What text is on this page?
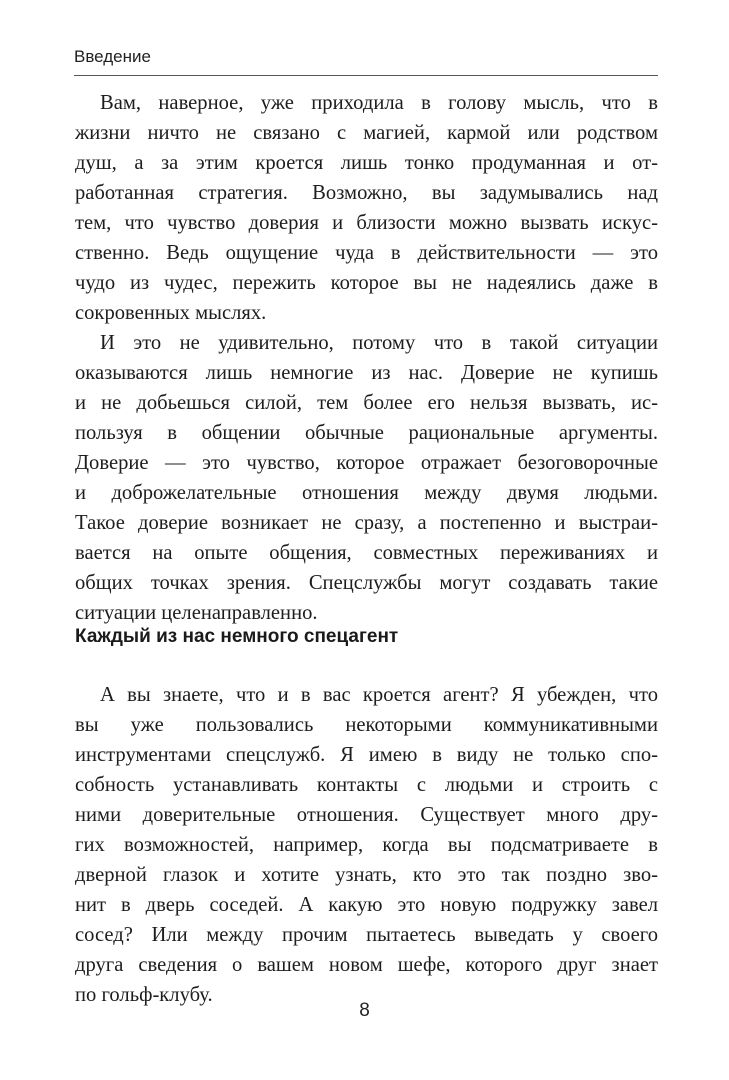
Введение
Вам, наверное, уже приходила в голову мысль, что в
жизни ничто не связано с магией, кармой или родством
душ, а за этим кроется лишь тонко продуманная и от-
работанная стратегия. Возможно, вы задумывались над
тем, что чувство доверия и близости можно вызвать искус-
ственно. Ведь ощущение чуда в действительности — это
чудо из чудес, пережить которое вы не надеялись даже в
сокровенных мыслях.
И это не удивительно, потому что в такой ситуации
оказываются лишь немногие из нас. Доверие не купишь
и не добьешься силой, тем более его нельзя вызвать, ис-
пользуя в общении обычные рациональные аргументы.
Доверие — это чувство, которое отражает безоговорочные
и доброжелательные отношения между двумя людьми.
Такое доверие возникает не сразу, а постепенно и выстраи-
вается на опыте общения, совместных переживаниях и
общих точках зрения. Спецслужбы могут создавать такие
ситуации целенаправленно.
Каждый из нас немного спецагент
А вы знаете, что и в вас кроется агент? Я убежден, что
вы уже пользовались некоторыми коммуникативными
инструментами спецслужб. Я имею в виду не только спо-
собность устанавливать контакты с людьми и строить с
ними доверительные отношения. Существует много дру-
гих возможностей, например, когда вы подсматриваете в
дверной глазок и хотите узнать, кто это так поздно зво-
нит в дверь соседей. А какую это новую подружку завел
сосед? Или между прочим пытаетесь выведать у своего
друга сведения о вашем новом шефе, которого друг знает
по гольф-клубу.
8
